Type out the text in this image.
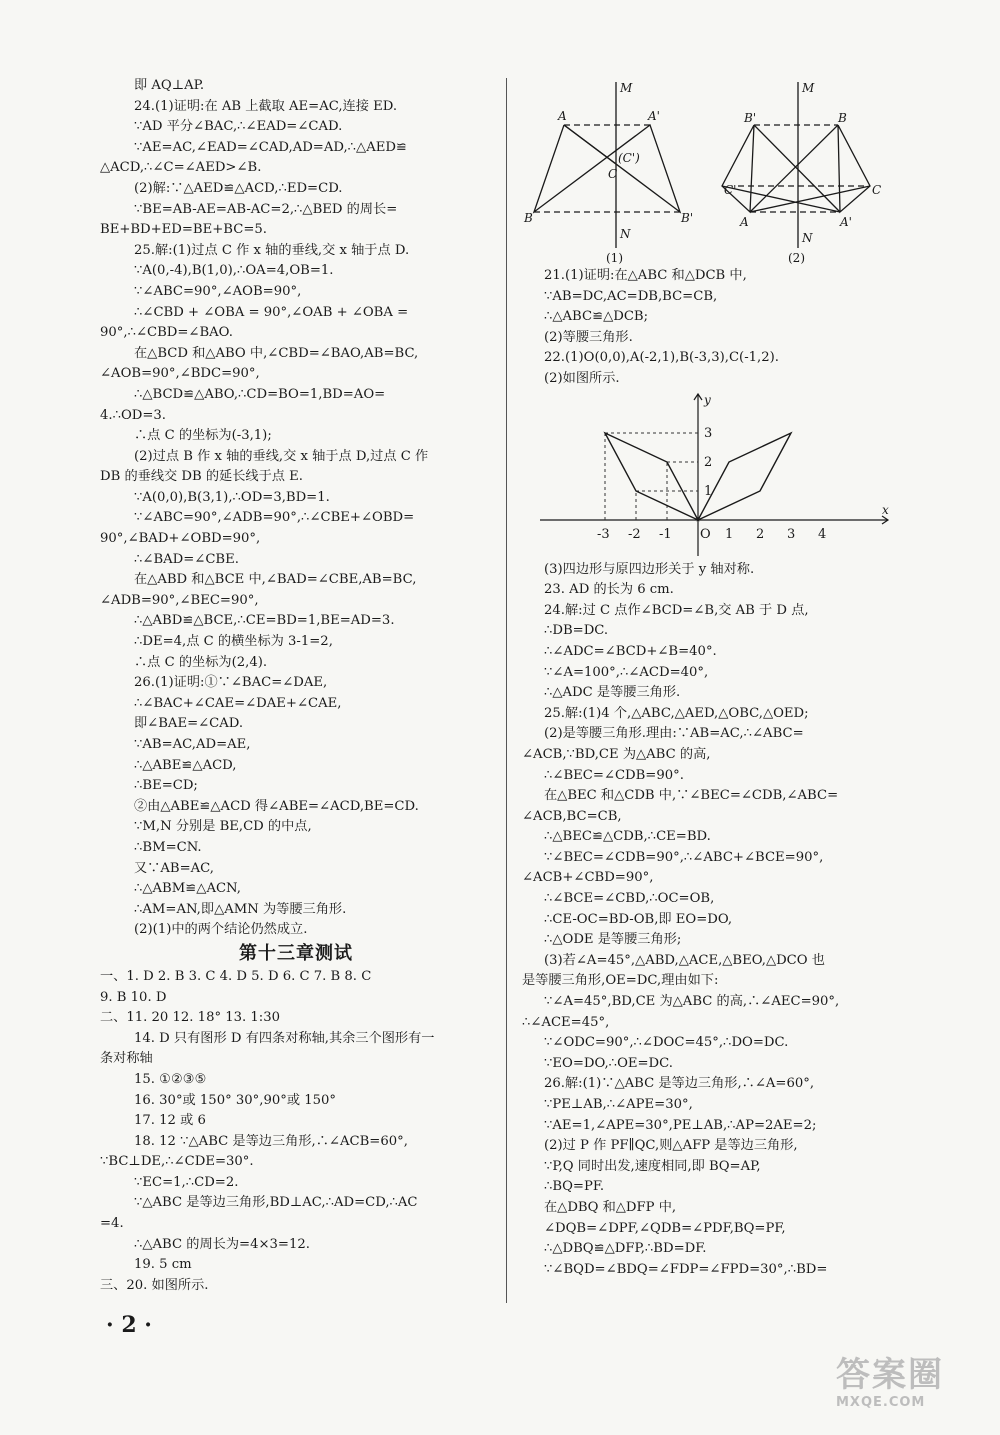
即 AQ⊥AP.
24.(1)证明:在 AB 上截取 AE=AC,连接 ED.
∵AD 平分∠BAC,∴∠EAD=∠CAD.
∵AE=AC,∠EAD=∠CAD,AD=AD,∴△AED≌
△ACD,∴∠C=∠AED>∠B.
(2)解:∵△AED≌△ACD,∴ED=CD.
∵BE=AB-AE=AB-AC=2,∴△BED 的周长=
BE+BD+ED=BE+BC=5.
25.解:(1)过点 C 作 x 轴的垂线,交 x 轴于点 D.
∵A(0,-4),B(1,0),∴OA=4,OB=1.
∵∠ABC=90°,∠AOB=90°,
∴∠CBD + ∠OBA = 90°,∠OAB + ∠OBA =
90°,∴∠CBD=∠BAO.
在△BCD 和△ABO 中,∠CBD=∠BAO,AB=BC,
∠AOB=90°,∠BDC=90°,
∴△BCD≌△ABO,∴CD=BO=1,BD=AO=
4.∴OD=3.
∴点 C 的坐标为(-3,1);
(2)过点 B 作 x 轴的垂线,交 x 轴于点 D,过点 C 作
DB 的垂线交 DB 的延长线于点 E.
∵A(0,0),B(3,1),∴OD=3,BD=1.
∵∠ABC=90°,∠ADB=90°,∴∠CBE+∠OBD=
90°,∠BAD+∠OBD=90°,
∴∠BAD=∠CBE.
在△ABD 和△BCE 中,∠BAD=∠CBE,AB=BC,
∠ADB=90°,∠BEC=90°,
∴△ABD≌△BCE,∴CE=BD=1,BE=AD=3.
∴DE=4,点 C 的横坐标为 3-1=2,
∴点 C 的坐标为(2,4).
26.(1)证明:①∵∠BAC=∠DAE,
∴∠BAC+∠CAE=∠DAE+∠CAE,
即∠BAE=∠CAD.
∵AB=AC,AD=AE,
∴△ABE≌△ACD,
∴BE=CD;
②由△ABE≌△ACD 得∠ABE=∠ACD,BE=CD.
∵M,N 分别是 BE,CD 的中点,
∴BM=CN.
又∵AB=AC,
∴△ABM≌△ACN,
∴AM=AN,即△AMN 为等腰三角形.
(2)(1)中的两个结论仍然成立.
第十三章测试
一、1. D 2. B 3. C 4. D 5. D 6. C 7. B 8. C
9. B 10. D
二、11. 20 12. 18° 13. 1:30
14. D 只有图形 D 有四条对称轴,其余三个图形有一
条对称轴
15. ①②③⑤
16. 30°或 150° 30°,90°或 150°
17. 12 或 6
18. 12 ∵△ABC 是等边三角形,∴∠ACB=60°,
∵BC⊥DE,∴∠CDE=30°.
∵EC=1,∴CD=2.
∵△ABC 是等边三角形,BD⊥AC,∴AD=CD,∴AC
=4.
∴△ABC 的周长为=4×3=12.
19. 5 cm
三、20. 如图所示.
M
N
A	A'
B	B'
C
(C')
(1)
M
N
B'	B
C'	C
A	A'
(2)
21.(1)证明:在△ABC 和△DCB 中,
∵AB=DC,AC=DB,BC=CB,
∴△ABC≌△DCB;
(2)等腰三角形.
22.(1)O(0,0),A(-2,1),B(-3,3),C(-1,2).
(2)如图所示.
(3)四边形与原四边形关于 y 轴对称.
23. AD 的长为 6 cm.
24.解:过 C 点作∠BCD=∠B,交 AB 于 D 点,
∴DB=DC.
∴∠ADC=∠BCD+∠B=40°.
∵∠A=100°,∴∠ACD=40°,
∴△ADC 是等腰三角形.
25.解:(1)4 个,△ABC,△AED,△OBC,△OED;
(2)是等腰三角形.理由:∵AB=AC,∴∠ABC=
∠ACB,∵BD,CE 为△ABC 的高,
∴∠BEC=∠CDB=90°.
在△BEC 和△CDB 中,∵∠BEC=∠CDB,∠ABC=
∠ACB,BC=CB,
∴△BEC≌△CDB,∴CE=BD.
∵∠BEC=∠CDB=90°,∴∠ABC+∠BCE=90°,
∠ACB+∠CBD=90°,
∴∠BCE=∠CBD,∴OC=OB,
∴CE-OC=BD-OB,即 EO=DO,
∴△ODE 是等腰三角形;
(3)若∠A=45°,△ABD,△ACE,△BEO,△DCO 也
是等腰三角形,OE=DC,理由如下:
∵∠A=45°,BD,CE 为△ABC 的高,∴∠AEC=90°,
∴∠ACE=45°,
∵∠ODC=90°,∴∠DOC=45°,∴DO=DC.
∵EO=DO,∴OE=DC.
26.解:(1)∵△ABC 是等边三角形,∴∠A=60°,
∵PE⊥AB,∴∠APE=30°,
∵AE=1,∠APE=30°,PE⊥AB,∴AP=2AE=2;
(2)过 P 作 PF∥QC,则△AFP 是等边三角形,
∵P,Q 同时出发,速度相同,即 BQ=AP,
∴BQ=PF.
在△DBQ 和△DFP 中,
∠DQB=∠DPF,∠QDB=∠PDF,BQ=PF,
∴△DBQ≌△DFP,∴BD=DF.
∵∠BQD=∠BDQ=∠FDP=∠FPD=30°,∴BD=
-3 -2 -1	1 2 3 4
1
2
3
x
y
O
· 2 ·
答案圈
MXQE.COM
